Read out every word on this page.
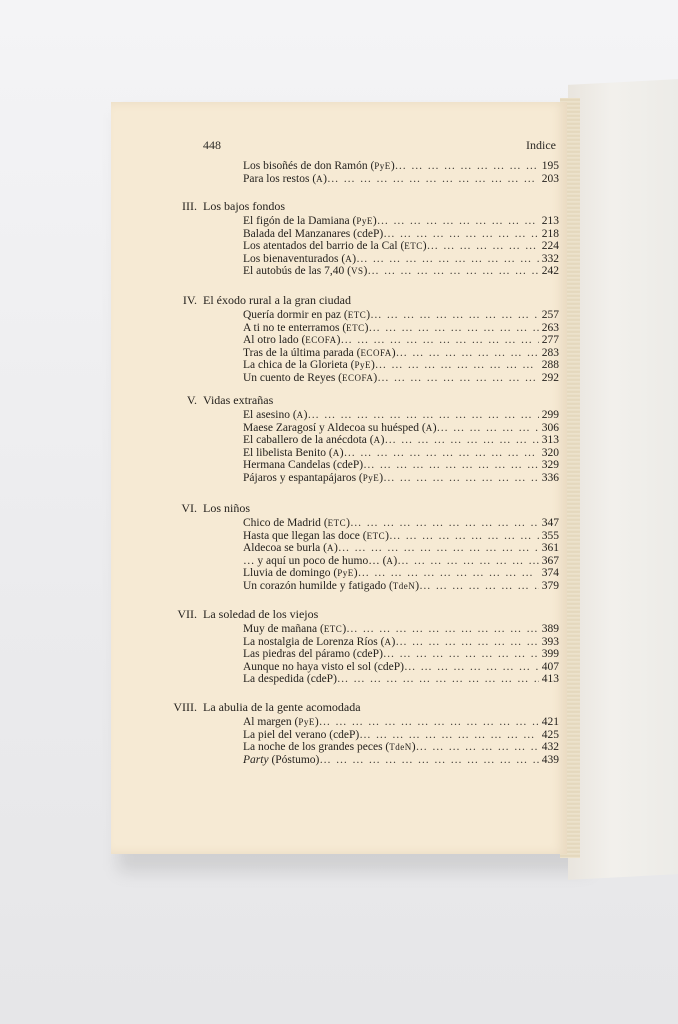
448	Indice
Los bisoñés de don Ramón (PyE) … … … … … … … … … … … … … … … … … … … … … … … … … …	195
Para los restos (A) … … … … … … … … … … … … … … … … … … … … … … … … … …	203
III. Los bajos fondos
El figón de la Damiana (PyE) … … … … … … … … … … … … … … … … … … … … … … … … … …	213
Balada del Manzanares (cdeP) … … … … … … … … … … … … … … … … … … … … … … … … … …	218
Los atentados del barrio de la Cal (ETC) … … … … … … … … … … … … … … … … … … … … … … … … … …	224
Los bienaventurados (A) … … … … … … … … … … … … … … … … … … … … … … … … … …	332
El autobús de las 7,40 (VS) … … … … … … … … … … … … … … … … … … … … … … … … … …	242
IV. El éxodo rural a la gran ciudad
Quería dormir en paz (ETC) … … … … … … … … … … … … … … … … … … … … … … … … … …	257
A ti no te enterramos (ETC) … … … … … … … … … … … … … … … … … … … … … … … … … …	263
Al otro lado (ECOFA) … … … … … … … … … … … … … … … … … … … … … … … … … …	277
Tras de la última parada (ECOFA) … … … … … … … … … … … … … … … … … … … … … … … … … …	283
La chica de la Glorieta (PyE) … … … … … … … … … … … … … … … … … … … … … … … … … …	288
Un cuento de Reyes (ECOFA) … … … … … … … … … … … … … … … … … … … … … … … … … …	292
V. Vidas extrañas
El asesino (A) … … … … … … … … … … … … … … … … … … … … … … … … … …	299
Maese Zaragosí y Aldecoa su huésped (A) … … … … … … … … … … … … … … … … … … … … … … … … … …	306
El caballero de la anécdota (A) … … … … … … … … … … … … … … … … … … … … … … … … … …	313
El libelista Benito (A) … … … … … … … … … … … … … … … … … … … … … … … … … …	320
Hermana Candelas (cdeP) … … … … … … … … … … … … … … … … … … … … … … … … … …	329
Pájaros y espantapájaros (PyE) … … … … … … … … … … … … … … … … … … … … … … … … … …	336
VI. Los niños
Chico de Madrid (ETC) … … … … … … … … … … … … … … … … … … … … … … … … … …	347
Hasta que llegan las doce (ETC) … … … … … … … … … … … … … … … … … … … … … … … … … …	355
Aldecoa se burla (A) … … … … … … … … … … … … … … … … … … … … … … … … … …	361
… y aquí un poco de humo… (A) … … … … … … … … … … … … … … … … … … … … … … … … … …	367
Lluvia de domingo (PyE) … … … … … … … … … … … … … … … … … … … … … … … … … …	374
Un corazón humilde y fatigado (TdeN) … … … … … … … … … … … … … … … … … … … … … … … … … …	379
VII. La soledad de los viejos
Muy de mañana (ETC) … … … … … … … … … … … … … … … … … … … … … … … … … …	389
La nostalgia de Lorenza Ríos (A) … … … … … … … … … … … … … … … … … … … … … … … … … …	393
Las piedras del páramo (cdeP) … … … … … … … … … … … … … … … … … … … … … … … … … …	399
Aunque no haya visto el sol (cdeP) … … … … … … … … … … … … … … … … … … … … … … … … … …	407
La despedida (cdeP) … … … … … … … … … … … … … … … … … … … … … … … … … …	413
VIII. La abulia de la gente acomodada
Al margen (PyE) … … … … … … … … … … … … … … … … … … … … … … … … … …	421
La piel del verano (cdeP) … … … … … … … … … … … … … … … … … … … … … … … … … …	425
La noche de los grandes peces (TdeN) … … … … … … … … … … … … … … … … … … … … … … … … … …	432
Party (Póstumo) … … … … … … … … … … … … … … … … … … … … … … … … … …	439
